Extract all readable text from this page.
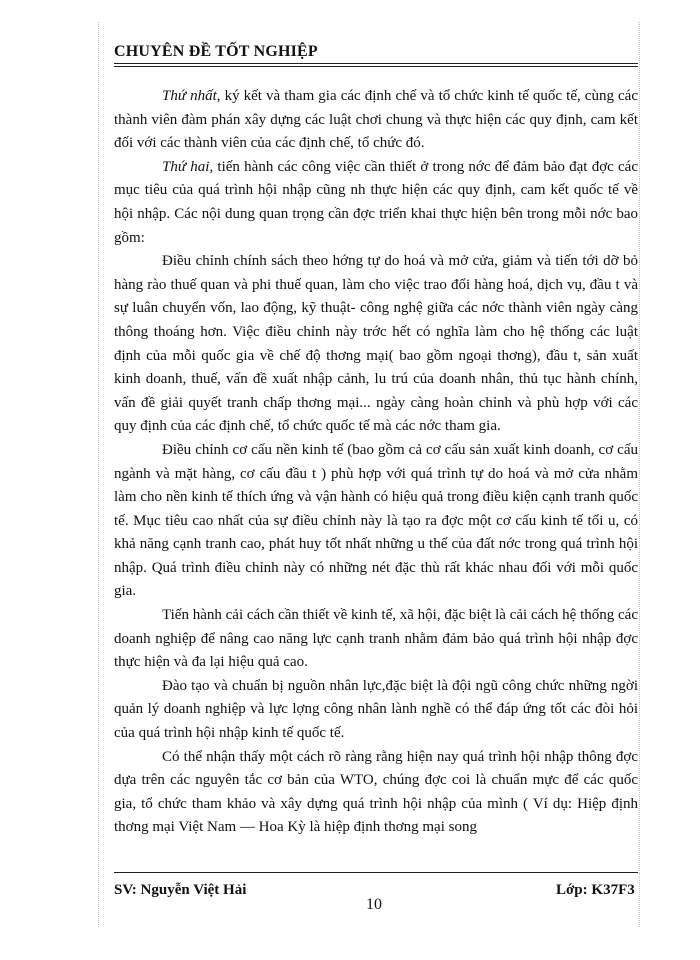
CHUYÊN ĐỀ TỐT NGHIỆP

Thứ nhất, ký kết và tham gia các định chế và tổ chức kinh tế quốc tế, cùng các thành viên đàm phán xây dựng các luật chơi chung và thực hiện các quy định, cam kết đối với các thành viên của các định chế, tổ chức đó.

Thứ hai, tiến hành các công việc cần thiết ở trong nớc để đảm bảo đạt đợc các mục tiêu của quá trình hội nhập cũng nh thực hiện các quy định, cam kết quốc tế về hội nhập. Các nội dung quan trọng cần đợc triển khai thực hiện bên trong mỗi nớc bao gồm:

Điều chỉnh chính sách theo hớng tự do hoá và mở cửa, giảm và tiến tới dỡ bỏ hàng rào thuế quan và phi thuế quan, làm cho việc trao đổi hàng hoá, dịch vụ, đầu t và sự luân chuyển vốn, lao động, kỹ thuật- công nghệ giữa các nớc thành viên ngày càng thông thoáng hơn. Việc điều chỉnh này trớc hết có nghĩa làm cho hệ thống các luật định của mỗi quốc gia về chế độ thơng mại( bao gồm ngoại thơng), đầu t, sản xuất kinh doanh, thuế, vấn đề xuất nhập cảnh, lu trú của doanh nhân, thủ tục hành chính, vấn đề giải quyết tranh chấp thơng mại... ngày càng hoàn chỉnh và phù hợp với các quy định của các định chế, tổ chức quốc tế mà các nớc tham gia.

Điều chỉnh cơ cấu nền kinh tế (bao gồm cả cơ cấu sản xuất kinh doanh, cơ cấu ngành và mặt hàng, cơ cấu đầu t ) phù hợp với quá trình tự do hoá và mở cửa nhằm làm cho nền kinh tế thích ứng và vận hành có hiệu quả trong điều kiện cạnh tranh quốc tế. Mục tiêu cao nhất của sự điều chỉnh này là tạo ra đợc một cơ cấu kinh tế tối u, có khả năng cạnh tranh cao, phát huy tốt nhất những u thế của đất nớc trong quá trình hội nhập. Quá trình điều chỉnh này có những nét đặc thù rất khác nhau đối với mỗi quốc gia.

Tiến hành cải cách cần thiết về kinh tế, xã hội, đặc biệt là cải cách hệ thống các doanh nghiệp để nâng cao năng lực cạnh tranh nhằm đảm bảo quá trình hội nhập đợc thực hiện và đa lại hiệu quả cao.

Đào tạo và chuẩn bị nguồn nhân lực,đặc biệt là đội ngũ công chức những ngời quản lý doanh nghiệp và lực lợng công nhân lành nghề có thể đáp ứng tốt các đòi hỏi của quá trình hội nhập kinh tế quốc tế.

Có thể nhận thấy một cách rõ ràng rằng hiện nay quá trình hội nhập thông đợc dựa trên các nguyên tắc cơ bản của WTO, chúng đợc coi là chuẩn mực để các quốc gia, tổ chức tham khảo và xây dựng quá trình hội nhập của mình ( Ví dụ: Hiệp định thơng mại Việt Nam — Hoa Kỳ là hiệp định thơng mại song

SV: Nguyễn Việt Hải
10
Lớp: K37F3
